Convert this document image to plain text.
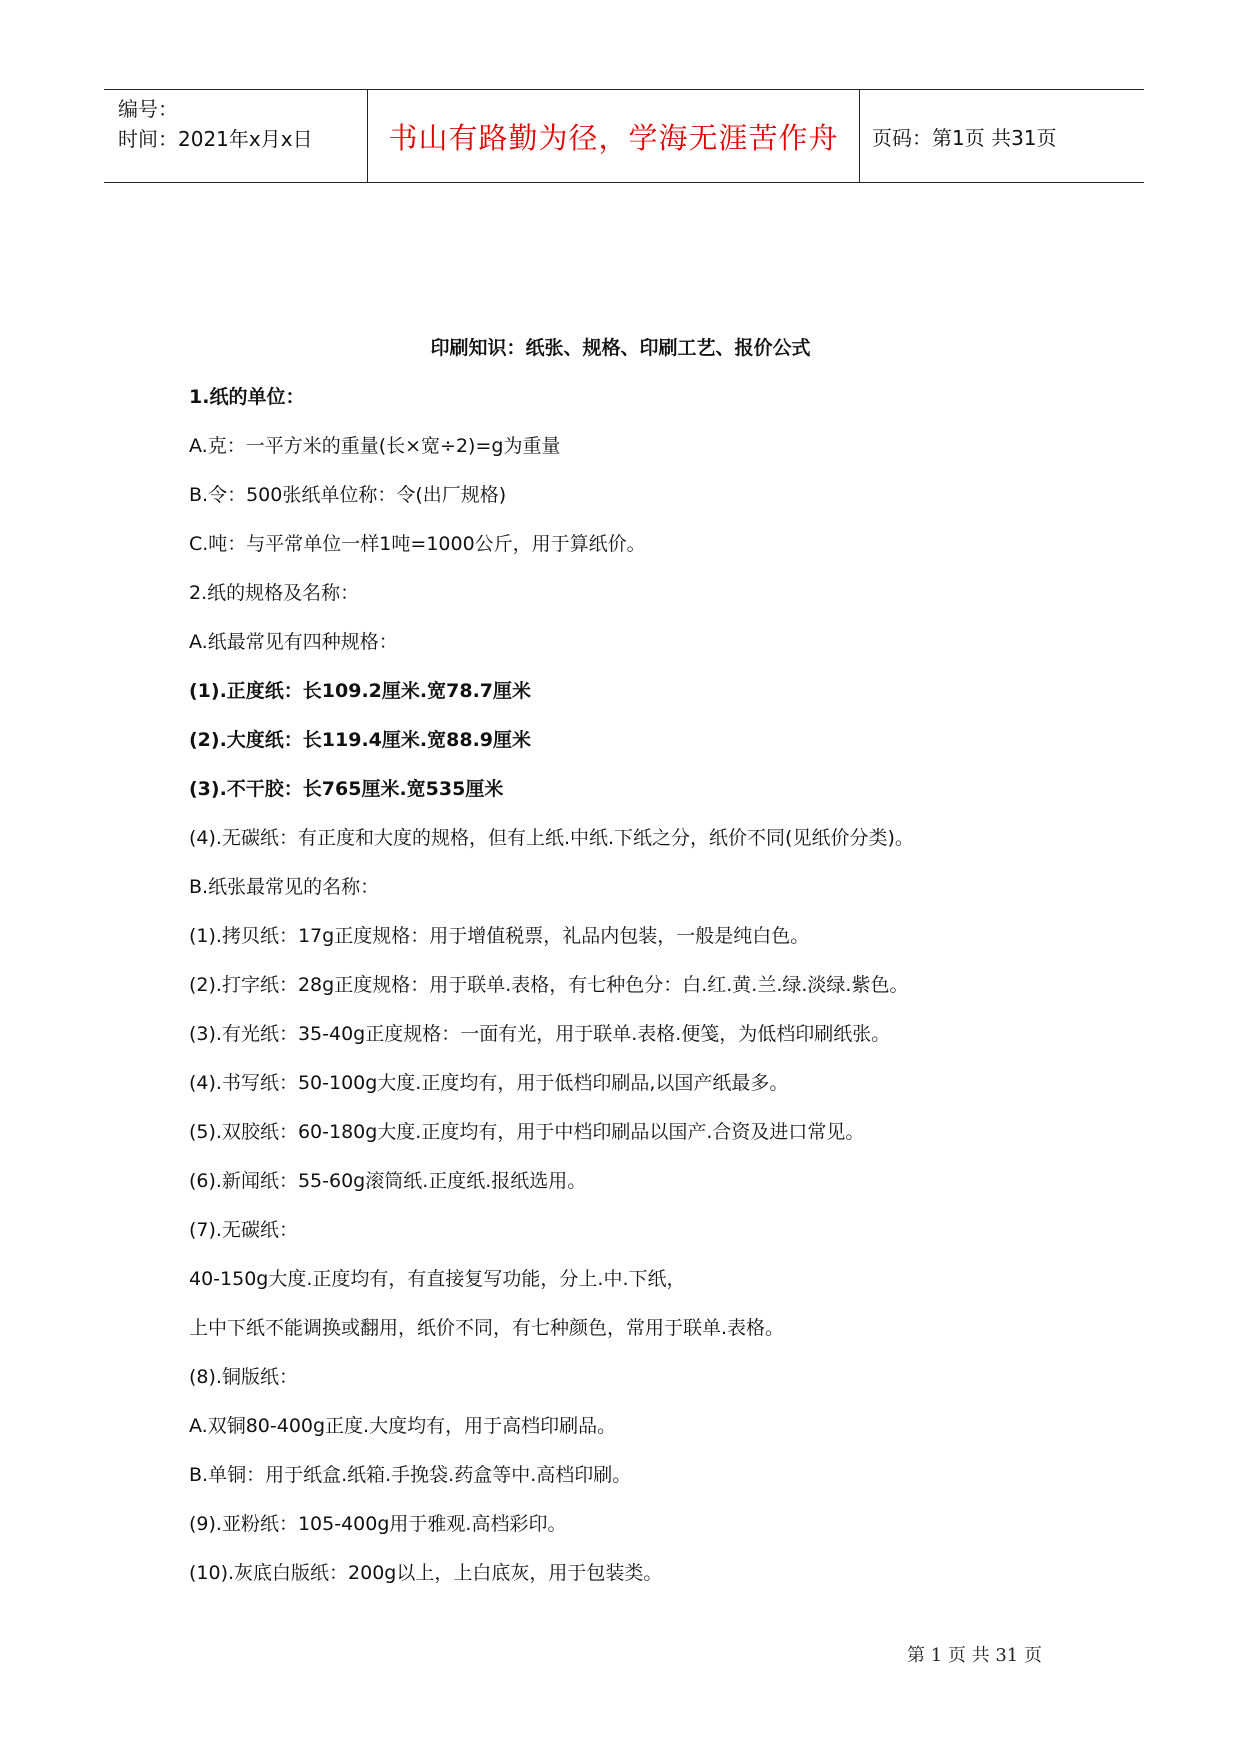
编号：
时间：2021年x月x日	书山有路勤为径，学海无涯苦作舟	页码：第1页 共31页
印刷知识：纸张、规格、印刷工艺、报价公式
1.纸的单位：
A.克：一平方米的重量(长×宽÷2)=g为重量
B.令：500张纸单位称：令(出厂规格)
C.吨：与平常单位一样1吨=1000公斤，用于算纸价。
2.纸的规格及名称：
A.纸最常见有四种规格：
(1).正度纸：长109.2厘米.宽78.7厘米
(2).大度纸：长119.4厘米.宽88.9厘米
(3).不干胶：长765厘米.宽535厘米
(4).无碳纸：有正度和大度的规格，但有上纸.中纸.下纸之分，纸价不同(见纸价分类)。
B.纸张最常见的名称：
(1).拷贝纸：17g正度规格：用于增值税票，礼品内包装，一般是纯白色。
(2).打字纸：28g正度规格：用于联单.表格，有七种色分：白.红.黄.兰.绿.淡绿.紫色。
(3).有光纸：35-40g正度规格：一面有光，用于联单.表格.便笺，为低档印刷纸张。
(4).书写纸：50-100g大度.正度均有，用于低档印刷品,以国产纸最多。
(5).双胶纸：60-180g大度.正度均有，用于中档印刷品以国产.合资及进口常见。
(6).新闻纸：55-60g滚筒纸.正度纸.报纸选用。
(7).无碳纸：
40-150g大度.正度均有，有直接复写功能，分上.中.下纸，
上中下纸不能调换或翻用，纸价不同，有七种颜色，常用于联单.表格。
(8).铜版纸：
A.双铜80-400g正度.大度均有，用于高档印刷品。
B.单铜：用于纸盒.纸箱.手挽袋.药盒等中.高档印刷。
(9).亚粉纸：105-400g用于雅观.高档彩印。
(10).灰底白版纸：200g以上，上白底灰，用于包装类。
第 1 页 共 31 页
